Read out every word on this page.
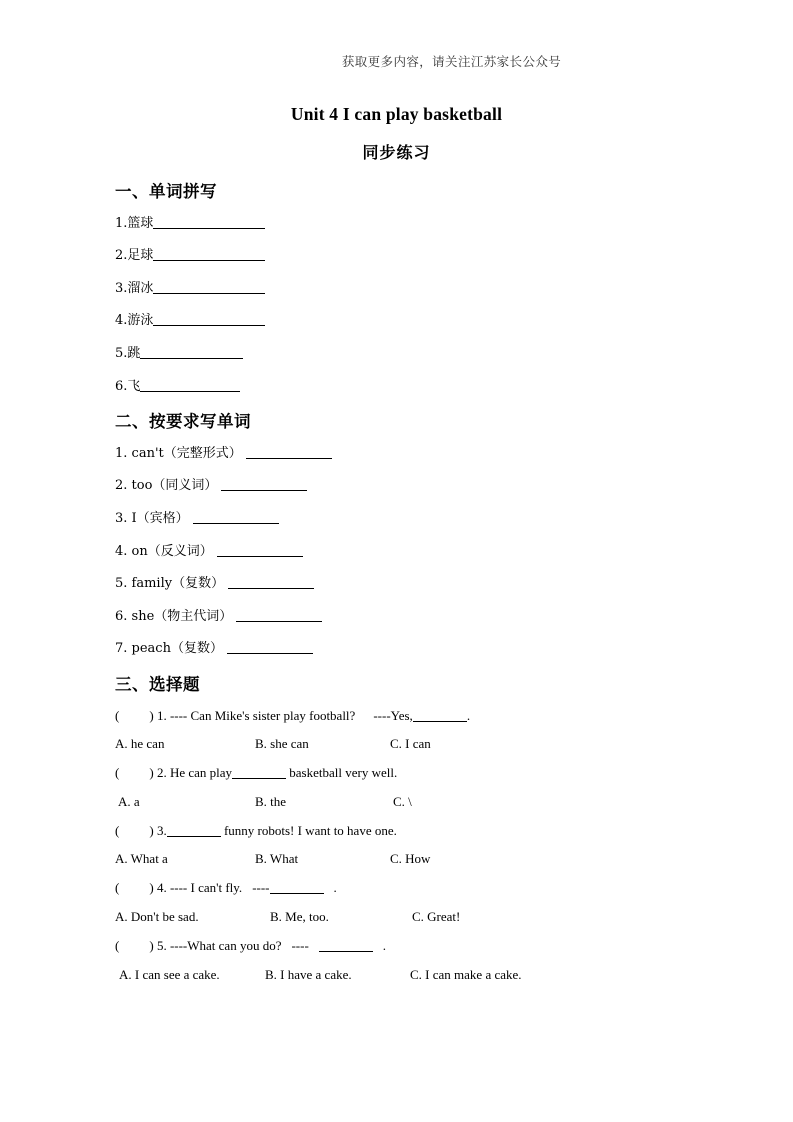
获取更多内容，请关注江苏家长公众号
Unit 4 I can play basketball
同步练习
一、单词拼写
1.篮球
2.足球
3.溜冰
4.游泳
5.跳
6.飞
二、按要求写单词
1. can't（完整形式）
2. too（同义词）
3. I（宾格）
4. on（反义词）
5. family（复数）
6. she（物主代词）
7. peach（复数）
三、选择题
( ) 1. ---- Can Mike's sister play football? ----Yes,	.
A. he can	B. she can	C. I can
( ) 2. He can play	basketball very well.
A. a	B. the	C. \
( ) 3.	funny robots! I want to have one.
A. What a	B. What	C. How
( ) 4. ---- I can't fly. ----	.
A. Don't be sad.	B. Me, too.	C. Great!
( ) 5. ----What can you do? ----	.
A. I can see a cake.	B. I have a cake.	C. I can make a cake.
